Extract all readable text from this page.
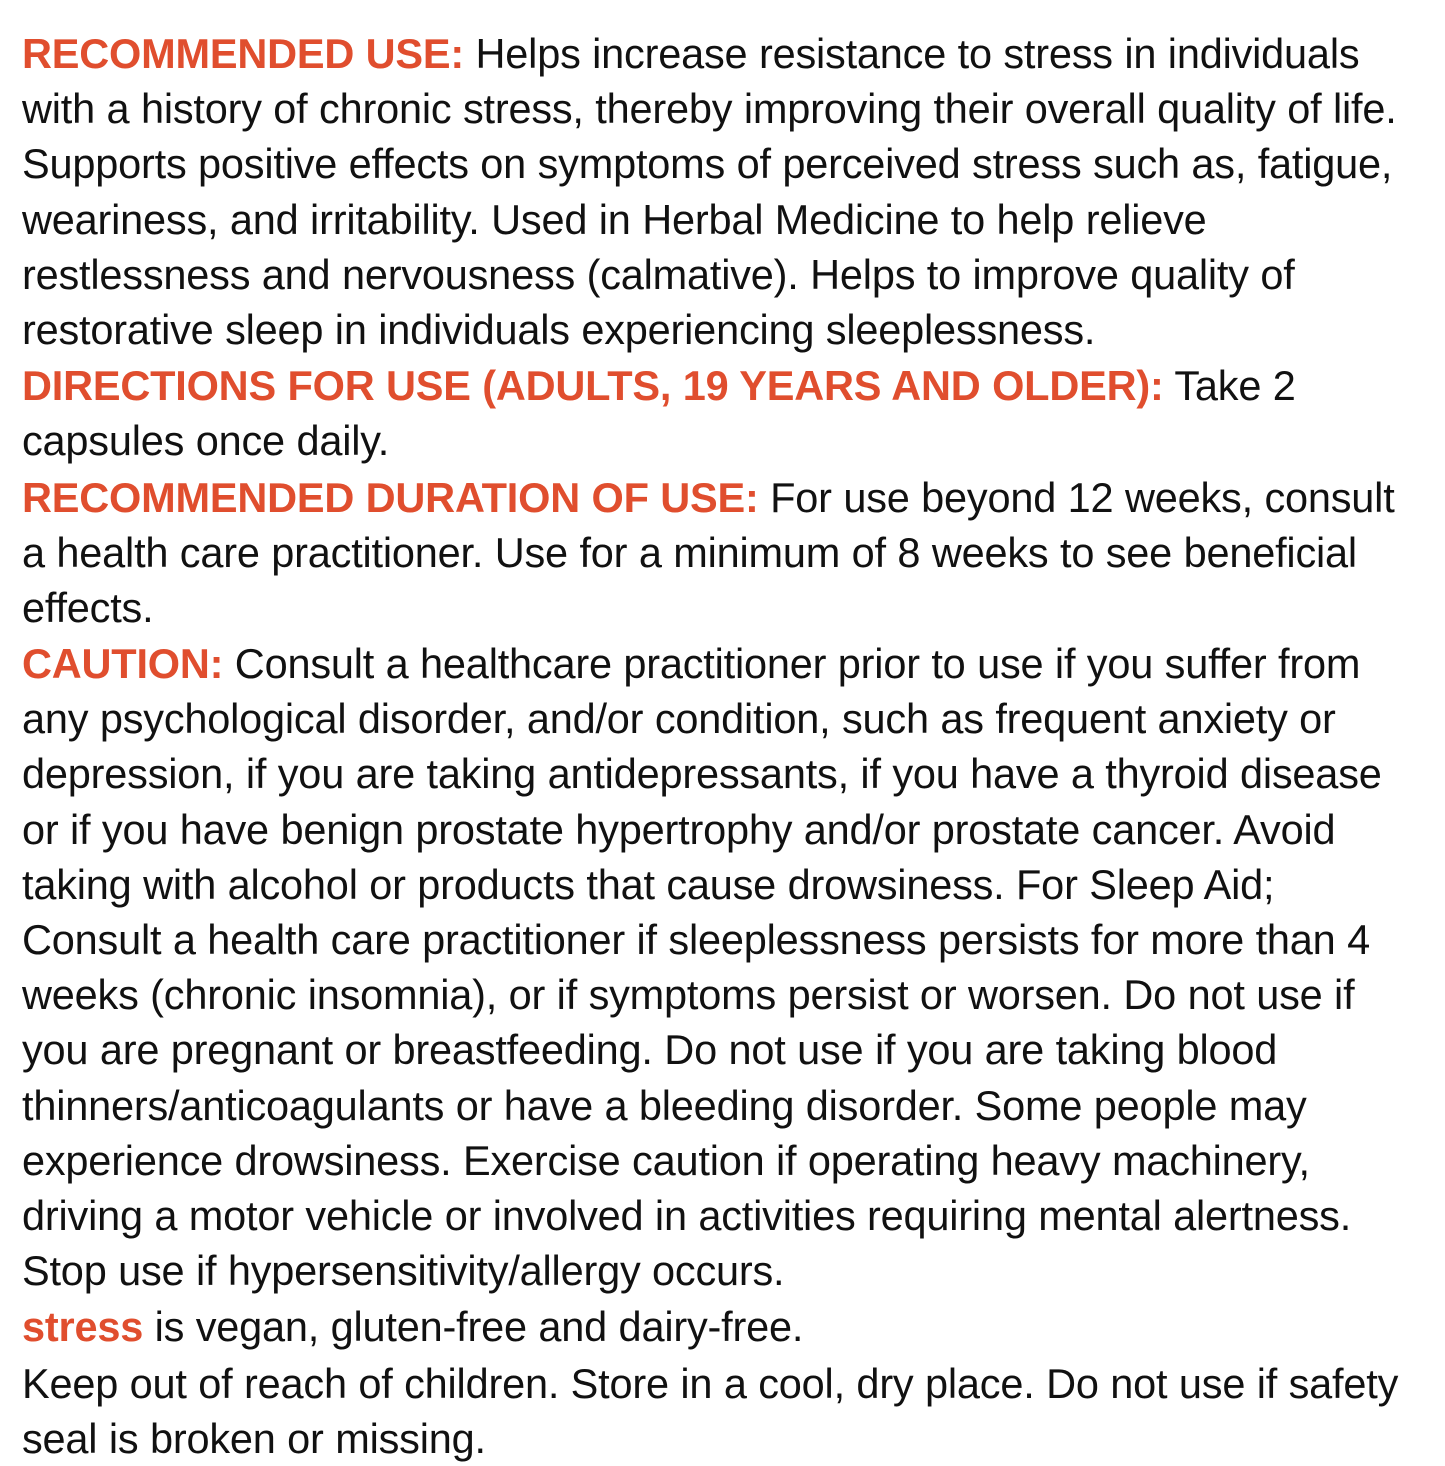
RECOMMENDED USE: Helps increase resistance to stress in individuals with a history of chronic stress, thereby improving their overall quality of life. Supports positive effects on symptoms of perceived stress such as, fatigue, weariness, and irritability. Used in Herbal Medicine to help relieve restlessness and nervousness (calmative). Helps to improve quality of restorative sleep in individuals experiencing sleeplessness.

DIRECTIONS FOR USE (ADULTS, 19 YEARS AND OLDER): Take 2 capsules once daily.

RECOMMENDED DURATION OF USE: For use beyond 12 weeks, consult a health care practitioner. Use for a minimum of 8 weeks to see beneficial effects.

CAUTION: Consult a healthcare practitioner prior to use if you suffer from any psychological disorder, and/or condition, such as frequent anxiety or depression, if you are taking antidepressants, if you have a thyroid disease or if you have benign prostate hypertrophy and/or prostate cancer. Avoid taking with alcohol or products that cause drowsiness. For Sleep Aid; Consult a health care practitioner if sleeplessness persists for more than 4 weeks (chronic insomnia), or if symptoms persist or worsen. Do not use if you are pregnant or breastfeeding. Do not use if you are taking blood thinners/anticoagulants or have a bleeding disorder. Some people may experience drowsiness. Exercise caution if operating heavy machinery, driving a motor vehicle or involved in activities requiring mental alertness. Stop use if hypersensitivity/allergy occurs.

stress is vegan, gluten-free and dairy-free.

Keep out of reach of children. Store in a cool, dry place. Do not use if safety seal is broken or missing.
